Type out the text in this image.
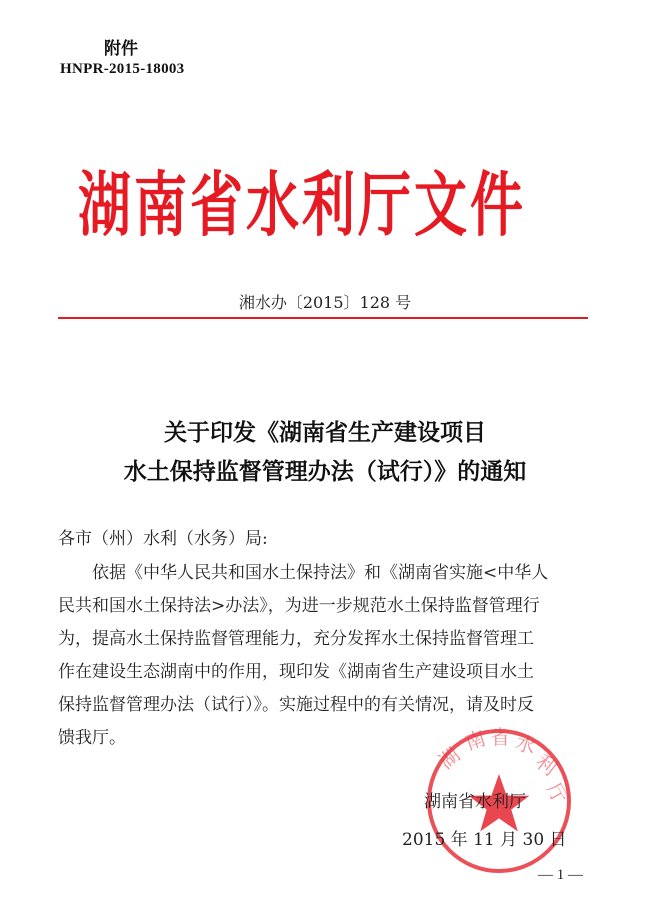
附件
HNPR-2015-18003
湖南省水利厅文件
湘水办〔2015〕128 号
关于印发《湖南省生产建设项目
水土保持监督管理办法（试行）》的通知
各市（州）水利（水务）局:
依据《中华人民共和国水土保持法》和《湖南省实施<中华人
民共和国水土保持法>办法》，为进一步规范水土保持监督管理行
为，提高水土保持监督管理能力，充分发挥水土保持监督管理工
作在建设生态湖南中的作用，现印发《湖南省生产建设项目水土
保持监督管理办法（试行）》。实施过程中的有关情况，请及时反
馈我厅。
湖
南 省 水
利
厅
湖南省水利厅
2015 年 11 月 30 日
— 1 —
